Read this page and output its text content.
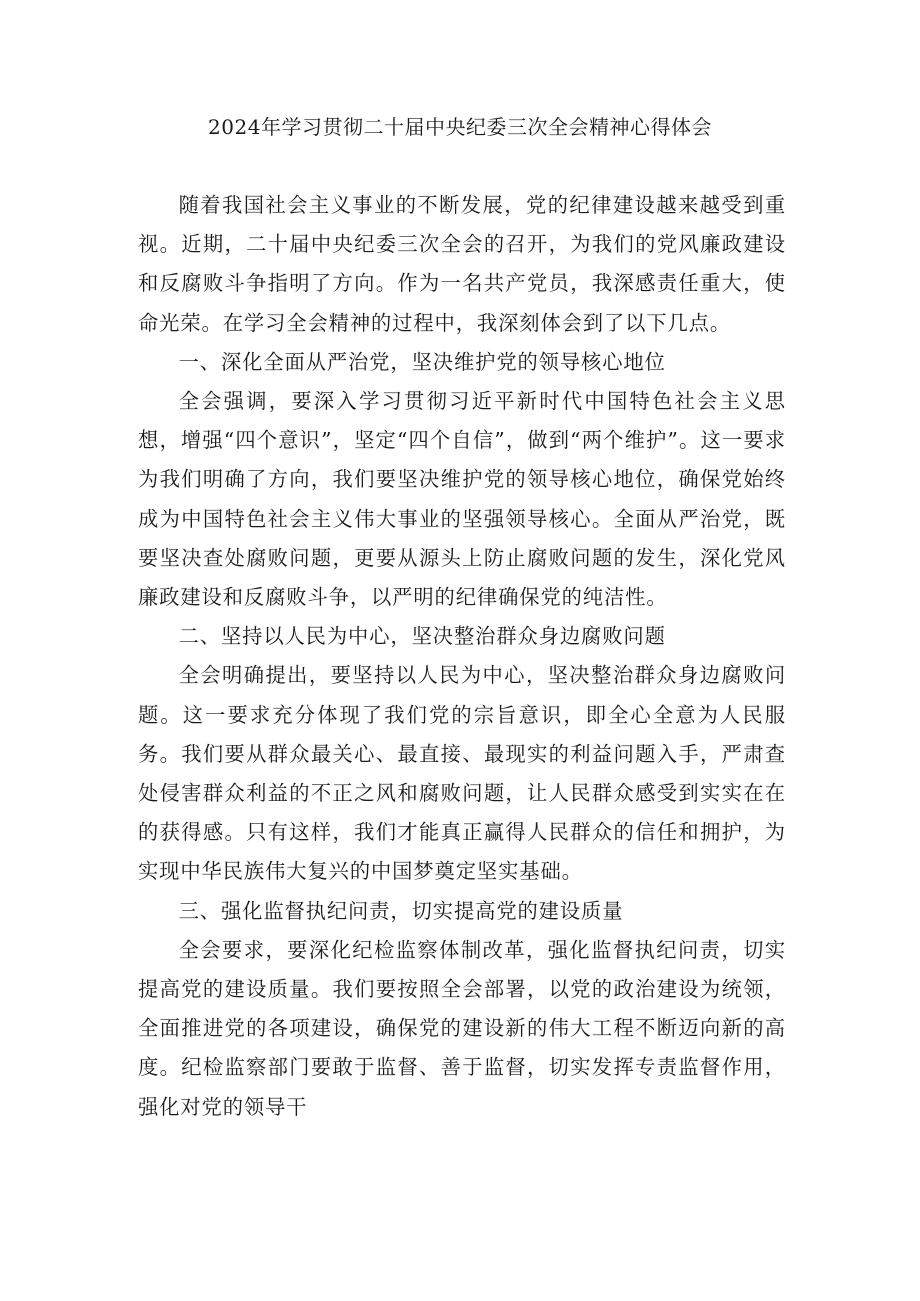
2024年学习贯彻二十届中央纪委三次全会精神心得体会

随着我国社会主义事业的不断发展，党的纪律建设越来越受到重视。近期，二十届中央纪委三次全会的召开，为我们的党风廉政建设和反腐败斗争指明了方向。作为一名共产党员，我深感责任重大，使命光荣。在学习全会精神的过程中，我深刻体会到了以下几点。

一、深化全面从严治党，坚决维护党的领导核心地位

全会强调，要深入学习贯彻习近平新时代中国特色社会主义思想，增强“四个意识”，坚定“四个自信”，做到“两个维护”。这一要求为我们明确了方向，我们要坚决维护党的领导核心地位，确保党始终成为中国特色社会主义伟大事业的坚强领导核心。全面从严治党，既要坚决查处腐败问题，更要从源头上防止腐败问题的发生，深化党风廉政建设和反腐败斗争，以严明的纪律确保党的纯洁性。

二、坚持以人民为中心，坚决整治群众身边腐败问题

全会明确提出，要坚持以人民为中心，坚决整治群众身边腐败问题。这一要求充分体现了我们党的宗旨意识，即全心全意为人民服务。我们要从群众最关心、最直接、最现实的利益问题入手，严肃查处侵害群众利益的不正之风和腐败问题，让人民群众感受到实实在在的获得感。只有这样，我们才能真正赢得人民群众的信任和拥护，为实现中华民族伟大复兴的中国梦奠定坚实基础。

三、强化监督执纪问责，切实提高党的建设质量

全会要求，要深化纪检监察体制改革，强化监督执纪问责，切实提高党的建设质量。我们要按照全会部署，以党的政治建设为统领，全面推进党的各项建设，确保党的建设新的伟大工程不断迈向新的高度。纪检监察部门要敢于监督、善于监督，切实发挥专责监督作用，强化对党的领导干
